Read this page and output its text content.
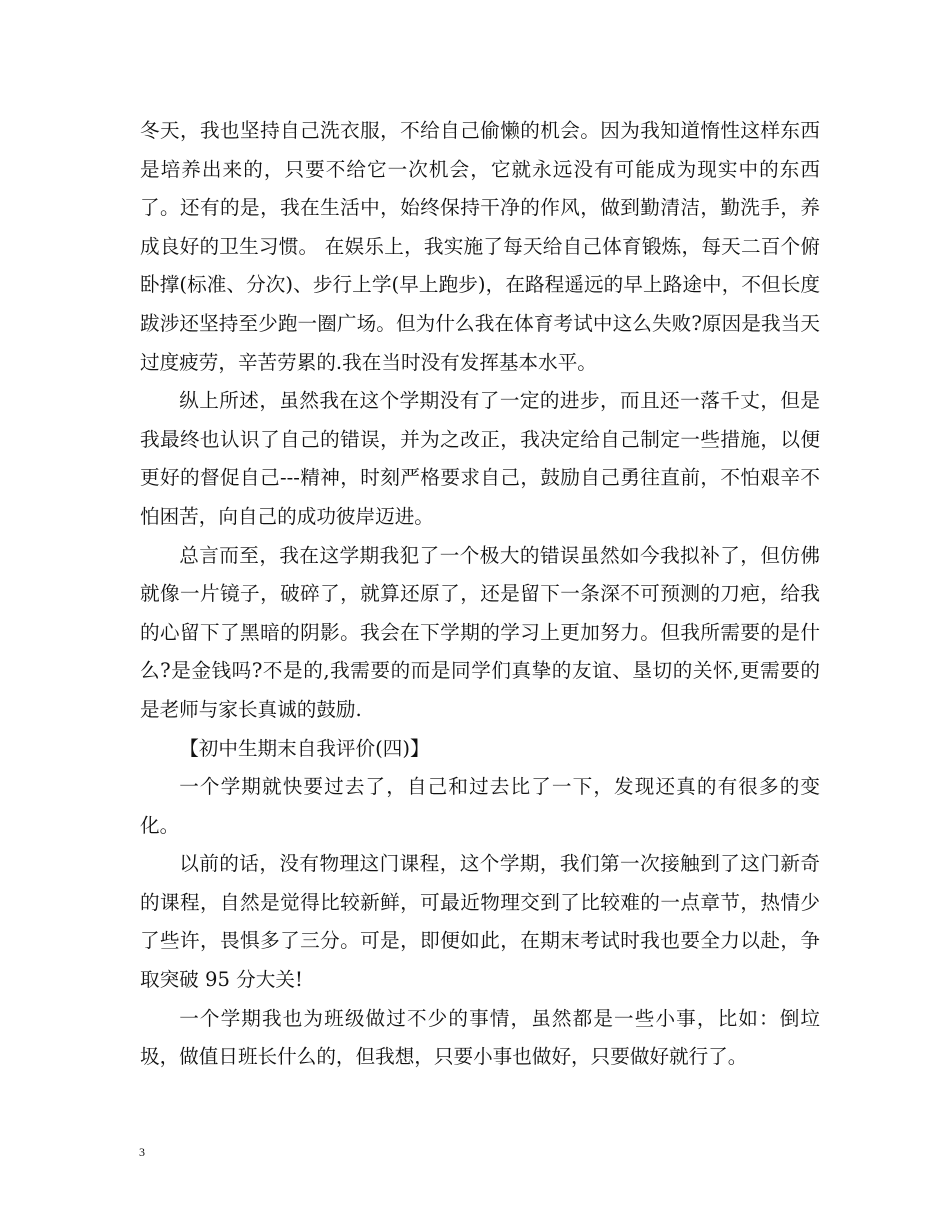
冬天，我也坚持自己洗衣服，不给自己偷懒的机会。因为我知道惰性这样东西是培养出来的，只要不给它一次机会，它就永远没有可能成为现实中的东西了。还有的是，我在生活中，始终保持干净的作风，做到勤清洁，勤洗手，养成良好的卫生习惯。 在娱乐上，我实施了每天给自己体育锻炼，每天二百个俯卧撑(标准、分次)、步行上学(早上跑步)，在路程遥远的早上路途中，不但长度跋涉还坚持至少跑一圈广场。但为什么我在体育考试中这么失败?原因是我当天过度疲劳，辛苦劳累的.我在当时没有发挥基本水平。

纵上所述，虽然我在这个学期没有了一定的进步，而且还一落千丈，但是我最终也认识了自己的错误，并为之改正，我决定给自己制定一些措施，以便更好的督促自己---精神，时刻严格要求自己，鼓励自己勇往直前，不怕艰辛不怕困苦，向自己的成功彼岸迈进。

总言而至，我在这学期我犯了一个极大的错误虽然如今我拟补了，但仿佛就像一片镜子，破碎了，就算还原了，还是留下一条深不可预测的刀疤，给我的心留下了黑暗的阴影。我会在下学期的学习上更加努力。但我所需要的是什么?是金钱吗?不是的,我需要的而是同学们真挚的友谊、垦切的关怀,更需要的是老师与家长真诚的鼓励.

【初中生期末自我评价(四)】

一个学期就快要过去了，自己和过去比了一下，发现还真的有很多的变化。

以前的话，没有物理这门课程，这个学期，我们第一次接触到了这门新奇的课程，自然是觉得比较新鲜，可最近物理交到了比较难的一点章节，热情少了些许，畏惧多了三分。可是，即便如此，在期末考试时我也要全力以赴，争取突破 95 分大关!

一个学期我也为班级做过不少的事情，虽然都是一些小事，比如：倒垃圾，做值日班长什么的，但我想，只要小事也做好，只要做好就行了。

3
